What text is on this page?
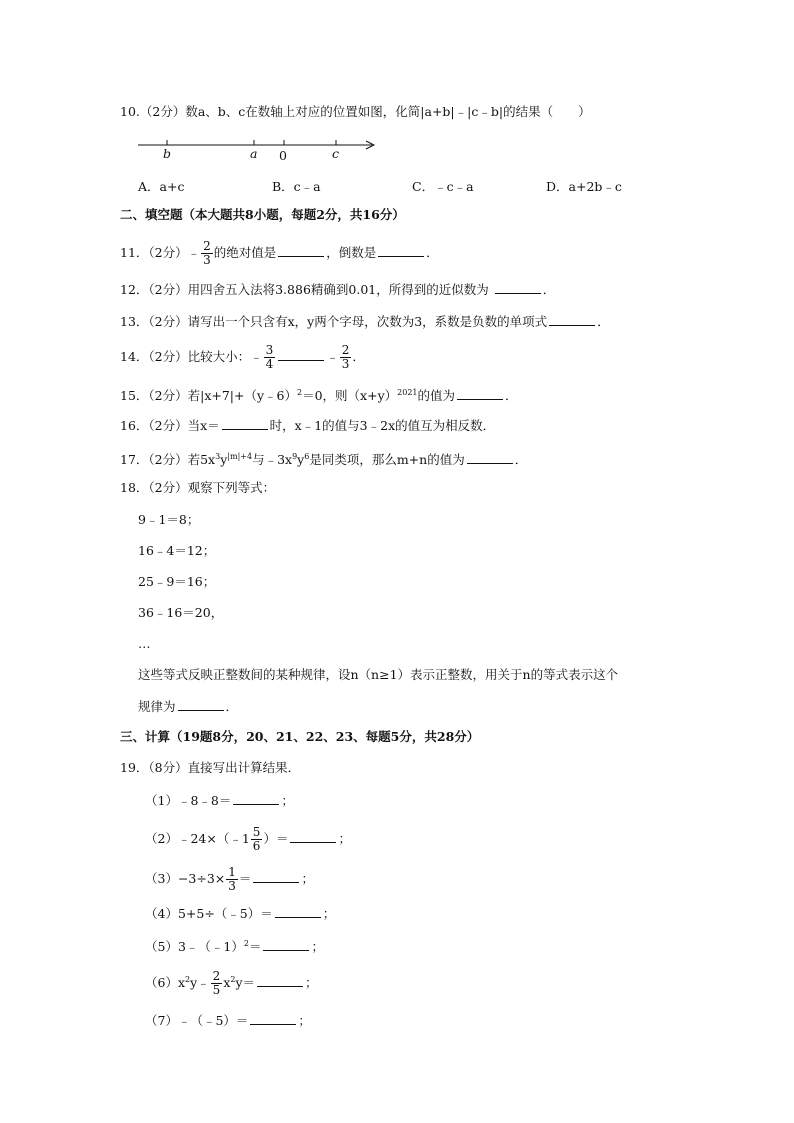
10.（2分）数a、b、c在数轴上对应的位置如图，化简|a+b|﹣|c﹣b|的结果（　　）
b	a 0	c
A．a+c	B．c﹣a	C．﹣c﹣a	D．a+2b﹣c
二、填空题（本大题共8小题，每题2分，共16分）
11．（2分）﹣ $\frac{2}{3}$ 的绝对值是	，倒数是	．
12．（2分）用四舍五入法将3.886精确到0.01，所得到的近似数为	．
13．（2分）请写出一个只含有x，y两个字母，次数为3，系数是负数的单项式	．
14．（2分）比较大小：﹣ $\frac{3}{4}$	﹣ $\frac{2}{3}$ ．
15．（2分）若|x+7|+（y﹣6）$^2$＝0，则$(x+y)^{2021}$的值为	．
16．（2分）当x＝	时，x﹣1的值与3﹣2x的值互为相反数．
17．（2分）若$5x^3y^{|m|+4}$与$﹣3x^9y^6$是同类项，那么m+n的值为	．
18．（2分）观察下列等式：
9﹣1＝8；
16﹣4＝12；
25﹣9＝16；
36﹣16＝20，
…
这些等式反映正整数间的某种规律，设n（n≥1）表示正整数，用关于n的等式表示这个
规律为	．
三、计算（19题8分，20、21、22、23、每题5分，共28分）
19．（8分）直接写出计算结果．
（1）﹣8﹣8＝	；
（2）﹣24×（﹣1 $\frac{5}{6}$ ）＝	；
$(3)-3\div 3\times \frac{1}{3}$ ＝	；
（4）5+5÷（﹣5）＝	；
（5）3﹣（﹣1）$^2$＝	；
$(6)x^2y﹣ \frac{2}{5} x^2y=$	；
（7）﹣（﹣5）＝	；
